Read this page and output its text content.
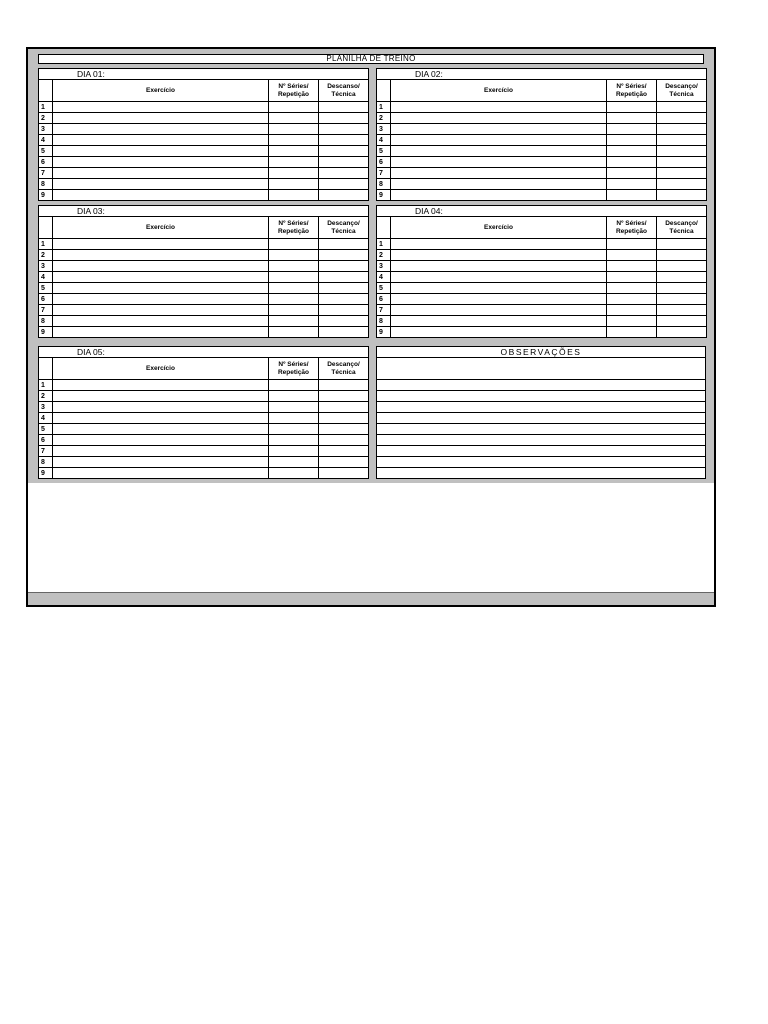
PLANILHA DE TREINO
DIA 01:			
	Exercício	Nº Séries/ Repetição	Descanso/ Técnica
1			
2			
3			
4			
5			
6			
7			
8			
9			
DIA 02:			
	Exercício	Nº Séries/ Repetição	Descanço/ Técnica
1			
2			
3			
4			
5			
6			
7			
8			
9			
DIA 03:			
	Exercício	Nº Séries/ Repetição	Descanço/ Técnica
1			
2			
3			
4			
5			
6			
7			
8			
9			
DIA 04:			
	Exercício	Nº Séries/ Repetição	Descanço/ Técnica
1			
2			
3			
4			
5			
6			
7			
8			
9			
DIA 05:			
	Exercício	Nº Séries/ Repetição	Descanço/ Técnica
1			
2			
3			
4			
5			
6			
7			
8			
9			
OBSERVAÇÕES
